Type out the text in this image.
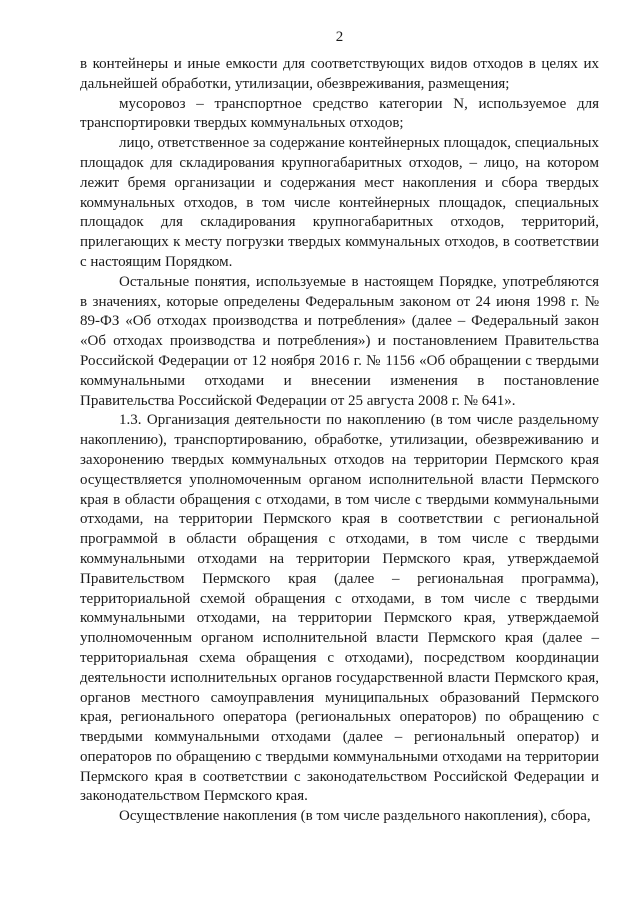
2

в контейнеры и иные емкости для соответствующих видов отходов в целях их дальнейшей обработки, утилизации, обезвреживания, размещения;

мусоровоз – транспортное средство категории N, используемое для транспортировки твердых коммунальных отходов;

лицо, ответственное за содержание контейнерных площадок, специальных площадок для складирования крупногабаритных отходов, – лицо, на котором лежит бремя организации и содержания мест накопления и сбора твердых коммунальных отходов, в том числе контейнерных площадок, специальных площадок для складирования крупногабаритных отходов, территорий, прилегающих к месту погрузки твердых коммунальных отходов, в соответствии с настоящим Порядком.

Остальные понятия, используемые в настоящем Порядке, употребляются в значениях, которые определены Федеральным законом от 24 июня 1998 г. № 89-ФЗ «Об отходах производства и потребления» (далее – Федеральный закон «Об отходах производства и потребления») и постановлением Правительства Российской Федерации от 12 ноября 2016 г. № 1156 «Об обращении с твердыми коммунальными отходами и внесении изменения в постановление Правительства Российской Федерации от 25 августа 2008 г. № 641».

1.3. Организация деятельности по накоплению (в том числе раздельному накоплению), транспортированию, обработке, утилизации, обезвреживанию и захоронению твердых коммунальных отходов на территории Пермского края осуществляется уполномоченным органом исполнительной власти Пермского края в области обращения с отходами, в том числе с твердыми коммунальными отходами, на территории Пермского края в соответствии с региональной программой в области обращения с отходами, в том числе с твердыми коммунальными отходами на территории Пермского края, утверждаемой Правительством Пермского края (далее – региональная программа), территориальной схемой обращения с отходами, в том числе с твердыми коммунальными отходами, на территории Пермского края, утверждаемой уполномоченным органом исполнительной власти Пермского края (далее – территориальная схема обращения с отходами), посредством координации деятельности исполнительных органов государственной власти Пермского края, органов местного самоуправления муниципальных образований Пермского края, регионального оператора (региональных операторов) по обращению с твердыми коммунальными отходами (далее – региональный оператор) и операторов по обращению с твердыми коммунальными отходами на территории Пермского края в соответствии с законодательством Российской Федерации и законодательством Пермского края.

Осуществление накопления (в том числе раздельного накопления), сбора,
